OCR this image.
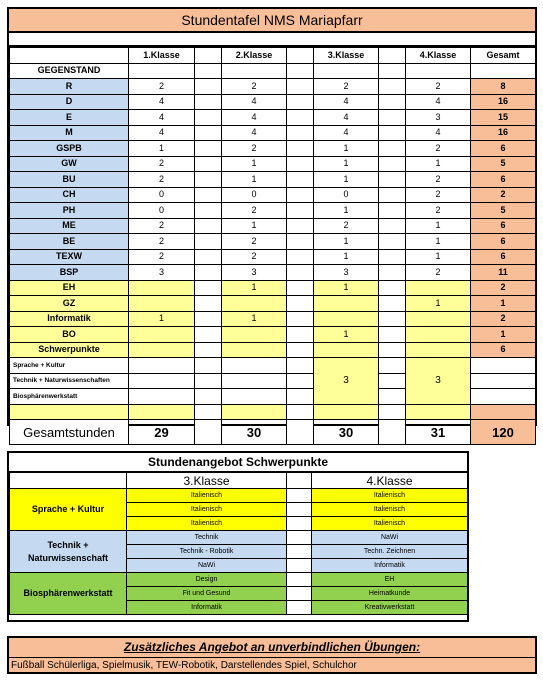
Stundentafel NMS Mariapfarr
	1.Klasse		2.Klasse		3.Klasse		4.Klasse	Gesamt
GEGENSTAND								
R	2		2		2		2	8
D	4		4		4		4	16
E	4		4		4		3	15
M	4		4		4		4	16
GSPB	1		2		1		2	6
GW	2		1		1		1	5
BU	2		1		1		2	6
CH	0		0		0		2	2
PH	0		2		1		2	5
ME	2		1		2		1	6
BE	2		2		1		1	6
TEXW	2		2		1		1	6
BSP	3		3		3		2	11
EH			1		1			2
GZ							1	1
Informatik	1		1					2
BO					1			1
Schwerpunkte								6
Sprache + Kultur					3		3	
Technik + Naturwissenschaften								
Biosphärenwerkstatt								

Gesamtstunden	29		30		30		31	120
Stundenangebot Schwerpunkte
	3.Klasse		4.Klasse
Sprache + Kultur	Italienisch		Italienisch
	Italienisch		Italienisch
	Italienisch		Italienisch
Technik + Naturwissenschaft	Technik		NaWi
	Technik - Robotik		Techn. Zeichnen
	NaWi		Informatik
Biosphärenwerkstatt	Design		EH
	Fit und Gesund		Heimatkunde
	Informatik		Kreativwerkstatt
Zusätzliches Angebot an unverbindlichen Übungen:
Fußball Schülerliga, Spielmusik, TEW-Robotik, Darstellendes Spiel, Schulchor
